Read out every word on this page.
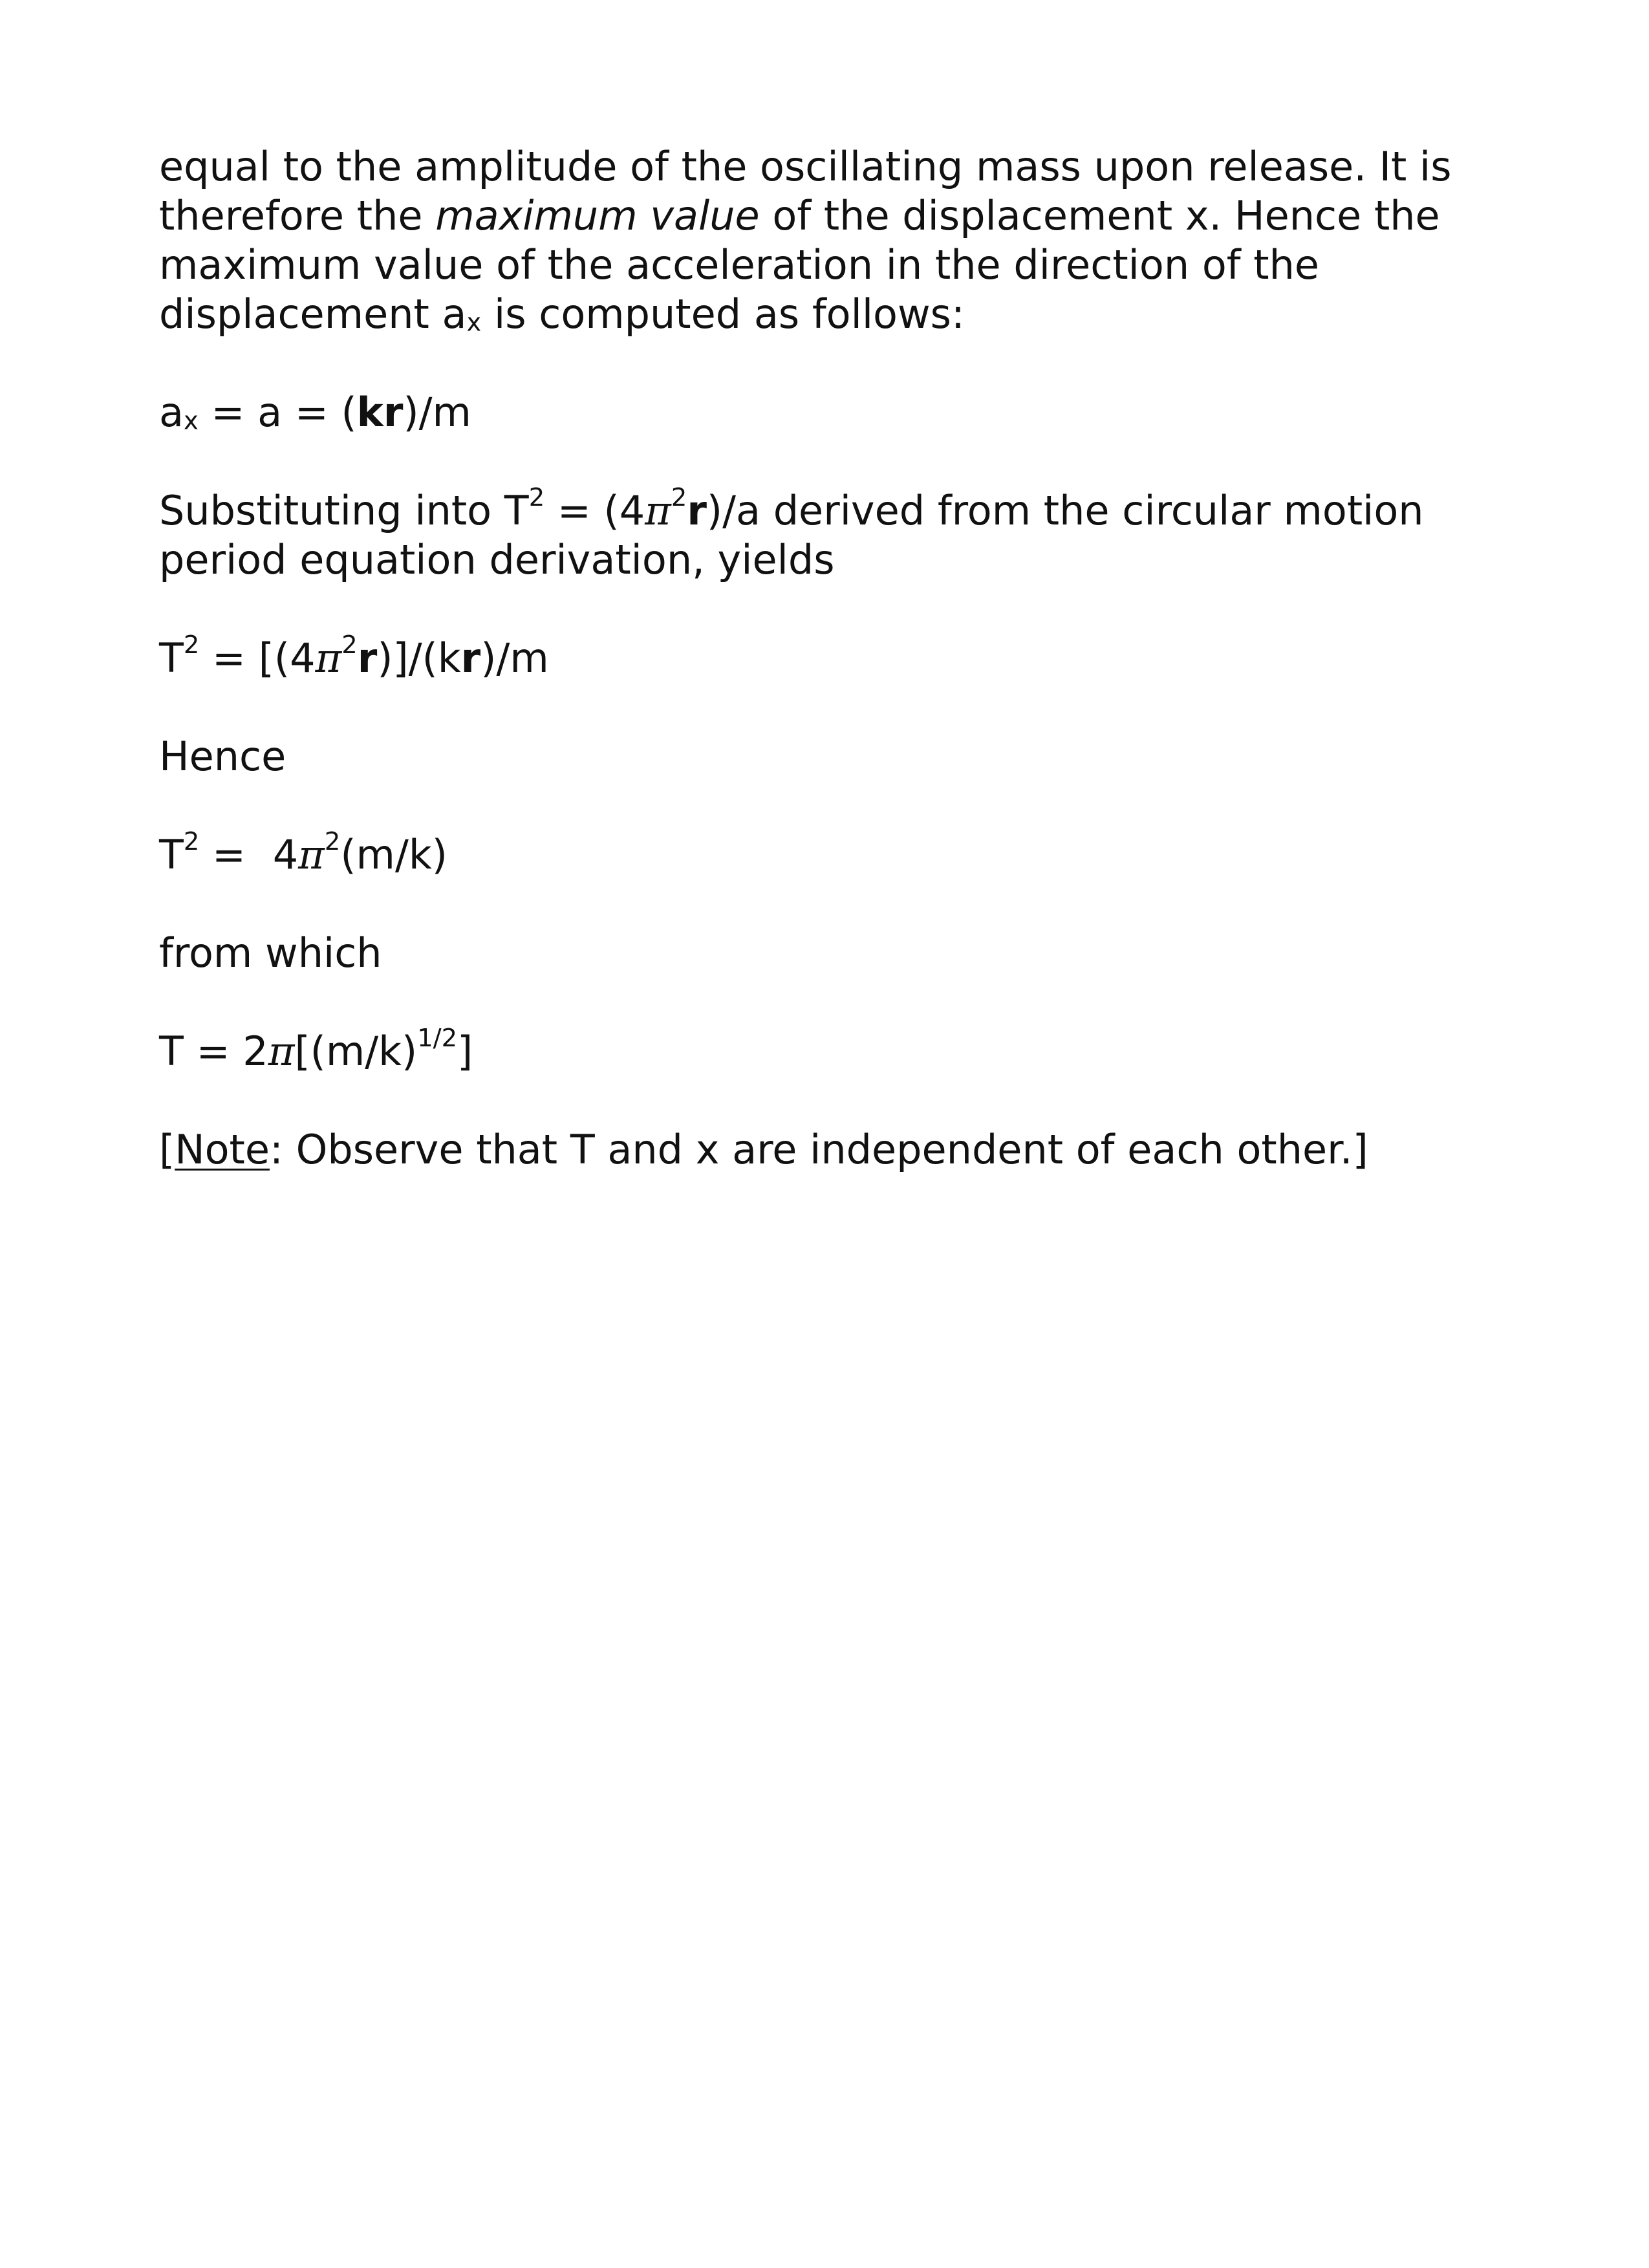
equal to the amplitude of the oscillating mass upon release. It is therefore the maximum value of the displacement x. Hence the maximum value of the acceleration in the direction of the displacement ax is computed as follows:

ax = a = (kr)/m

Substituting into $T^2 = (4\pi^2r)/a$ derived from the circular motion period equation derivation, yields

$T^2 = [(4\pi^2r)]/(kr)/m$

Hence

$T^2 = 4\pi^2(m/k)$

from which

$T = 2\pi[(m/k)^{1/2}]$

[Note: Observe that T and x are independent of each other.]
